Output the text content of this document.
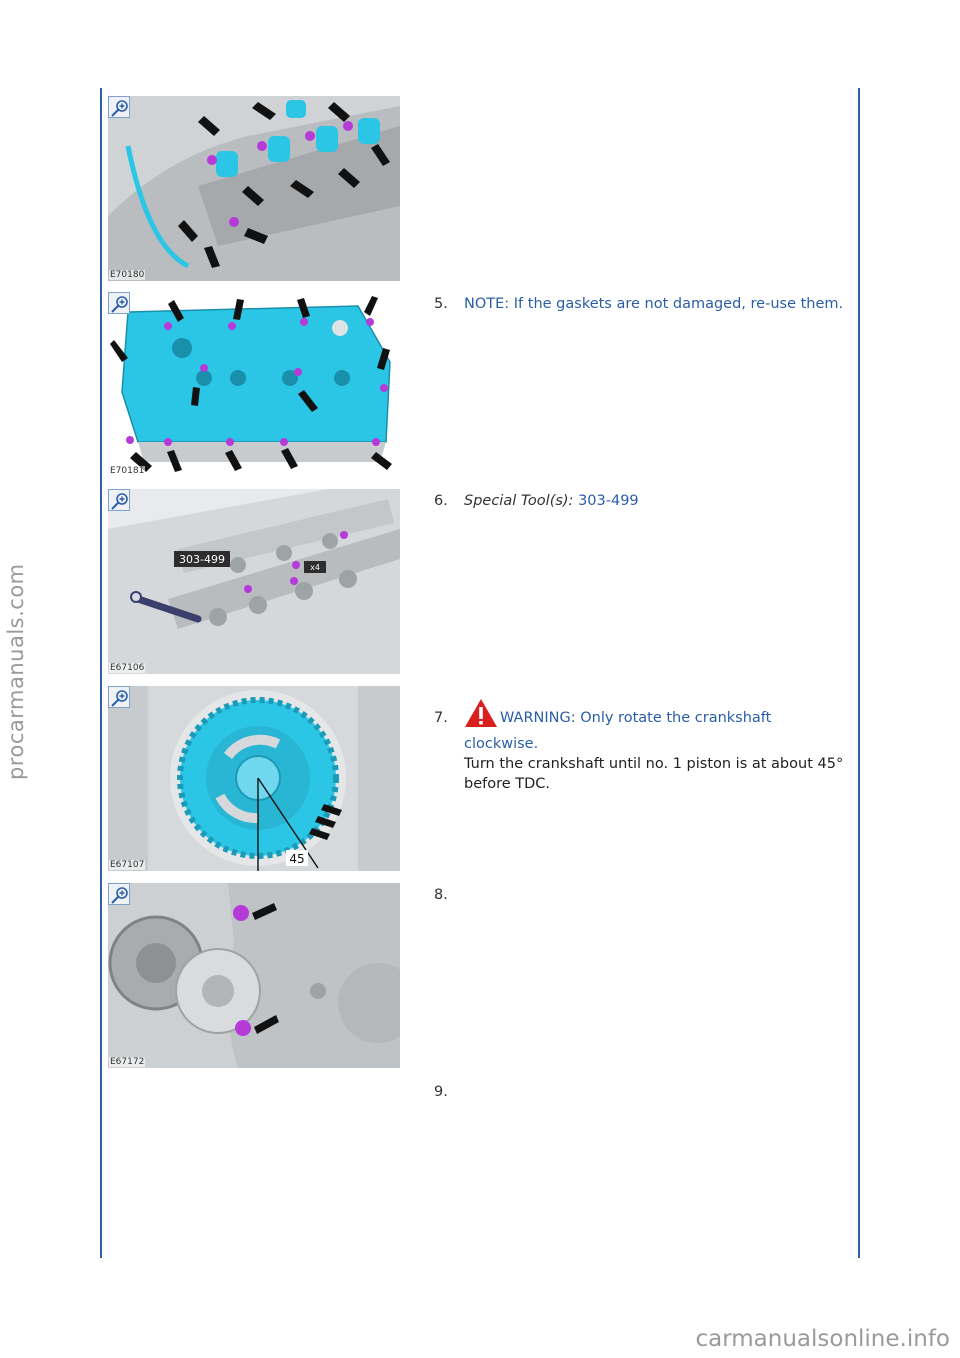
procarmanuals.com
carmanualsonline.info
E70180
E70181
303-499
x4
E67106
45
E67107
E67172
5. NOTE: If the gaskets are not damaged, re-use them.
6. Special Tool(s): 303-499
7.	WARNING: Only rotate the crankshaft clockwise.
Turn the crankshaft until no. 1 piston is at about 45° before TDC.
8.
9.
